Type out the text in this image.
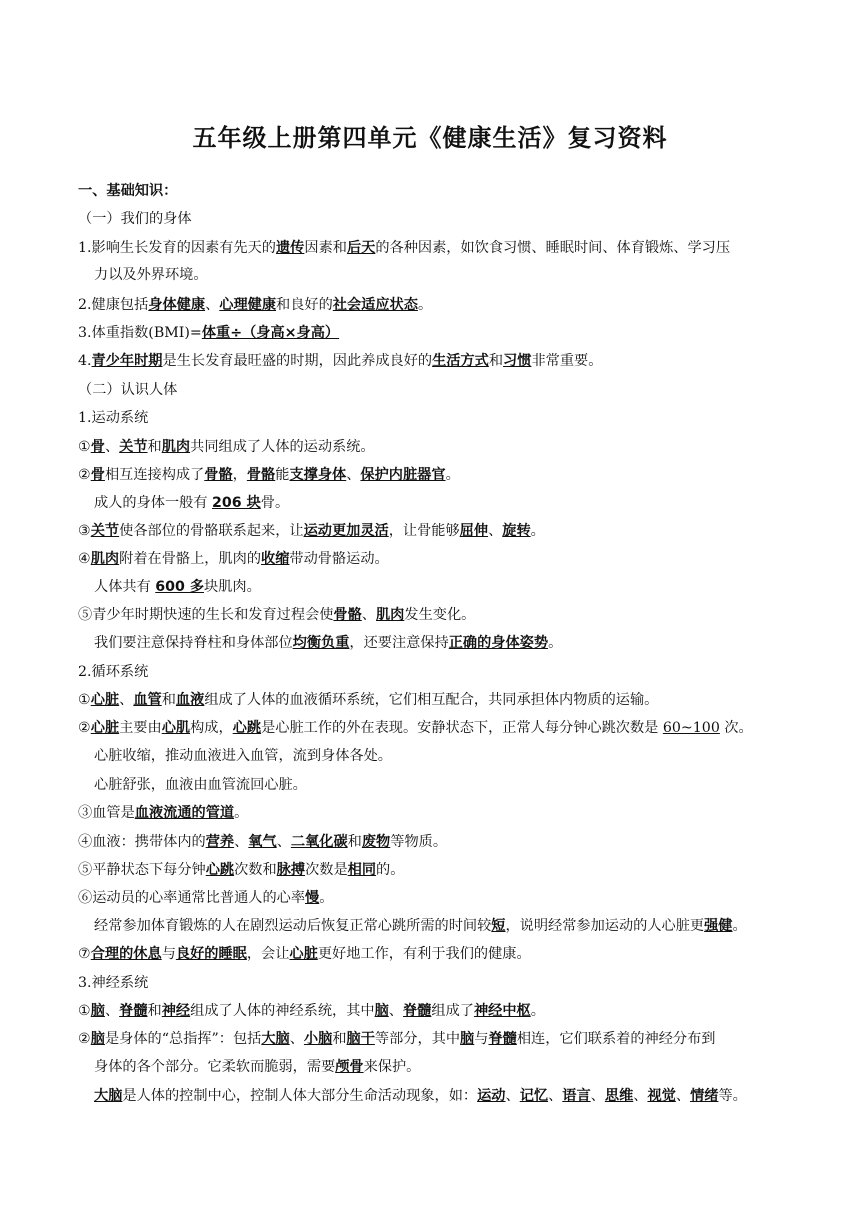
五年级上册第四单元《健康生活》复习资料
一、基础知识：
（一）我们的身体
1.影响生长发育的因素有先天的遗传因素和后天的各种因素，如饮食习惯、睡眠时间、体育锻炼、学习压
力以及外界环境。
2.健康包括身体健康、心理健康和良好的社会适应状态。
3.体重指数(BMI)=体重÷（身高×身高）
4.青少年时期是生长发育最旺盛的时期，因此养成良好的生活方式和习惯非常重要。
（二）认识人体
1.运动系统
①骨、关节和肌肉共同组成了人体的运动系统。
②骨相互连接构成了骨骼，骨骼能支撑身体、保护内脏器官。
成人的身体一般有 206 块骨。
③关节使各部位的骨骼联系起来，让运动更加灵活，让骨能够屈伸、旋转。
④肌肉附着在骨骼上，肌肉的收缩带动骨骼运动。
人体共有 600 多块肌肉。
⑤青少年时期快速的生长和发育过程会使骨骼、肌肉发生变化。
我们要注意保持脊柱和身体部位均衡负重，还要注意保持正确的身体姿势。
2.循环系统
①心脏、血管和血液组成了人体的血液循环系统，它们相互配合，共同承担体内物质的运输。
②心脏主要由心肌构成，心跳是心脏工作的外在表现。安静状态下，正常人每分钟心跳次数是 60~100 次。
心脏收缩，推动血液进入血管，流到身体各处。
心脏舒张，血液由血管流回心脏。
③血管是血液流通的管道。
④血液：携带体内的营养、氧气、二氧化碳和废物等物质。
⑤平静状态下每分钟心跳次数和脉搏次数是相同的。
⑥运动员的心率通常比普通人的心率慢。
经常参加体育锻炼的人在剧烈运动后恢复正常心跳所需的时间较短，说明经常参加运动的人心脏更强健。
⑦合理的休息与良好的睡眠，会让心脏更好地工作，有利于我们的健康。
3.神经系统
①脑、脊髓和神经组成了人体的神经系统，其中脑、脊髓组成了神经中枢。
②脑是身体的“总指挥”：包括大脑、小脑和脑干等部分，其中脑与脊髓相连，它们联系着的神经分布到
身体的各个部分。它柔软而脆弱，需要颅骨来保护。
大脑是人体的控制中心，控制人体大部分生命活动现象，如：运动、记忆、语言、思维、视觉、情绪等。
